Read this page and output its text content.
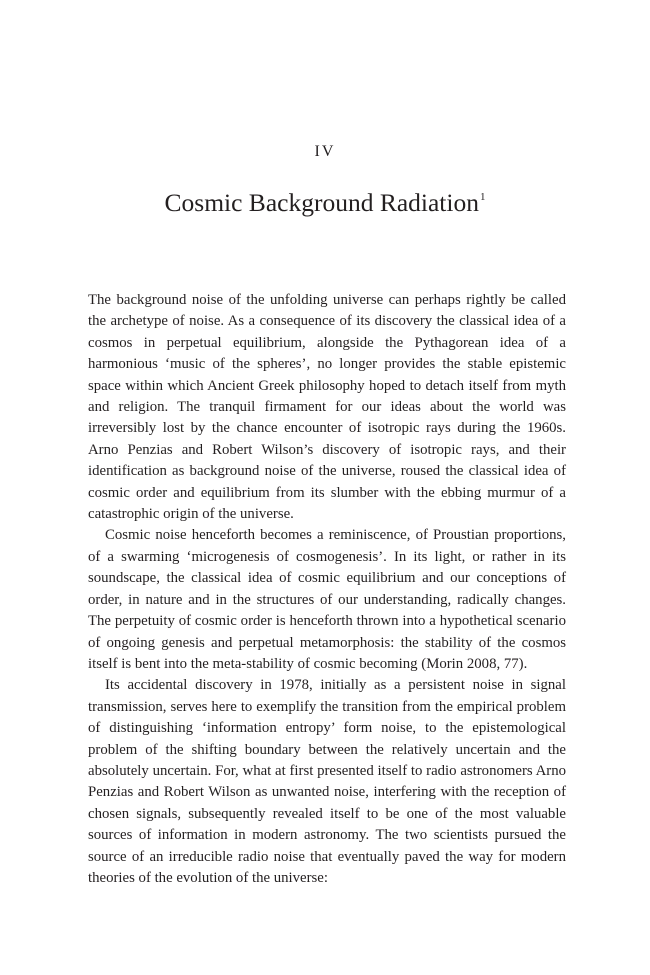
IV
Cosmic Background Radiation$^1$

The background noise of the unfolding universe can perhaps rightly be called the archetype of noise. As a consequence of its discovery the classical idea of a cosmos in perpetual equilibrium, alongside the Pythagorean idea of a harmonious ‘music of the spheres’, no longer provides the stable epistemic space within which Ancient Greek philosophy hoped to detach itself from myth and religion. The tranquil firmament for our ideas about the world was irreversibly lost by the chance encounter of isotropic rays during the 1960s. Arno Penzias and Robert Wilson’s discovery of isotropic rays, and their identification as background noise of the universe, roused the classical idea of cosmic order and equilibrium from its slumber with the ebbing murmur of a catastrophic origin of the universe.

Cosmic noise henceforth becomes a reminiscence, of Proustian proportions, of a swarming ‘microgenesis of cosmogenesis’. In its light, or rather in its soundscape, the classical idea of cosmic equilibrium and our conceptions of order, in nature and in the structures of our understanding, radically changes. The perpetuity of cosmic order is henceforth thrown into a hypothetical scenario of ongoing genesis and perpetual metamorphosis: the stability of the cosmos itself is bent into the meta-stability of cosmic becoming (Morin 2008, 77).

Its accidental discovery in 1978, initially as a persistent noise in signal transmission, serves here to exemplify the transition from the empirical problem of distinguishing ‘information entropy’ form noise, to the epistemological problem of the shifting boundary between the relatively uncertain and the absolutely uncertain. For, what at first presented itself to radio astronomers Arno Penzias and Robert Wilson as unwanted noise, interfering with the reception of chosen signals, subsequently revealed itself to be one of the most valuable sources of information in modern astronomy. The two scientists pursued the source of an irreducible radio noise that eventually paved the way for modern theories of the evolution of the universe:
